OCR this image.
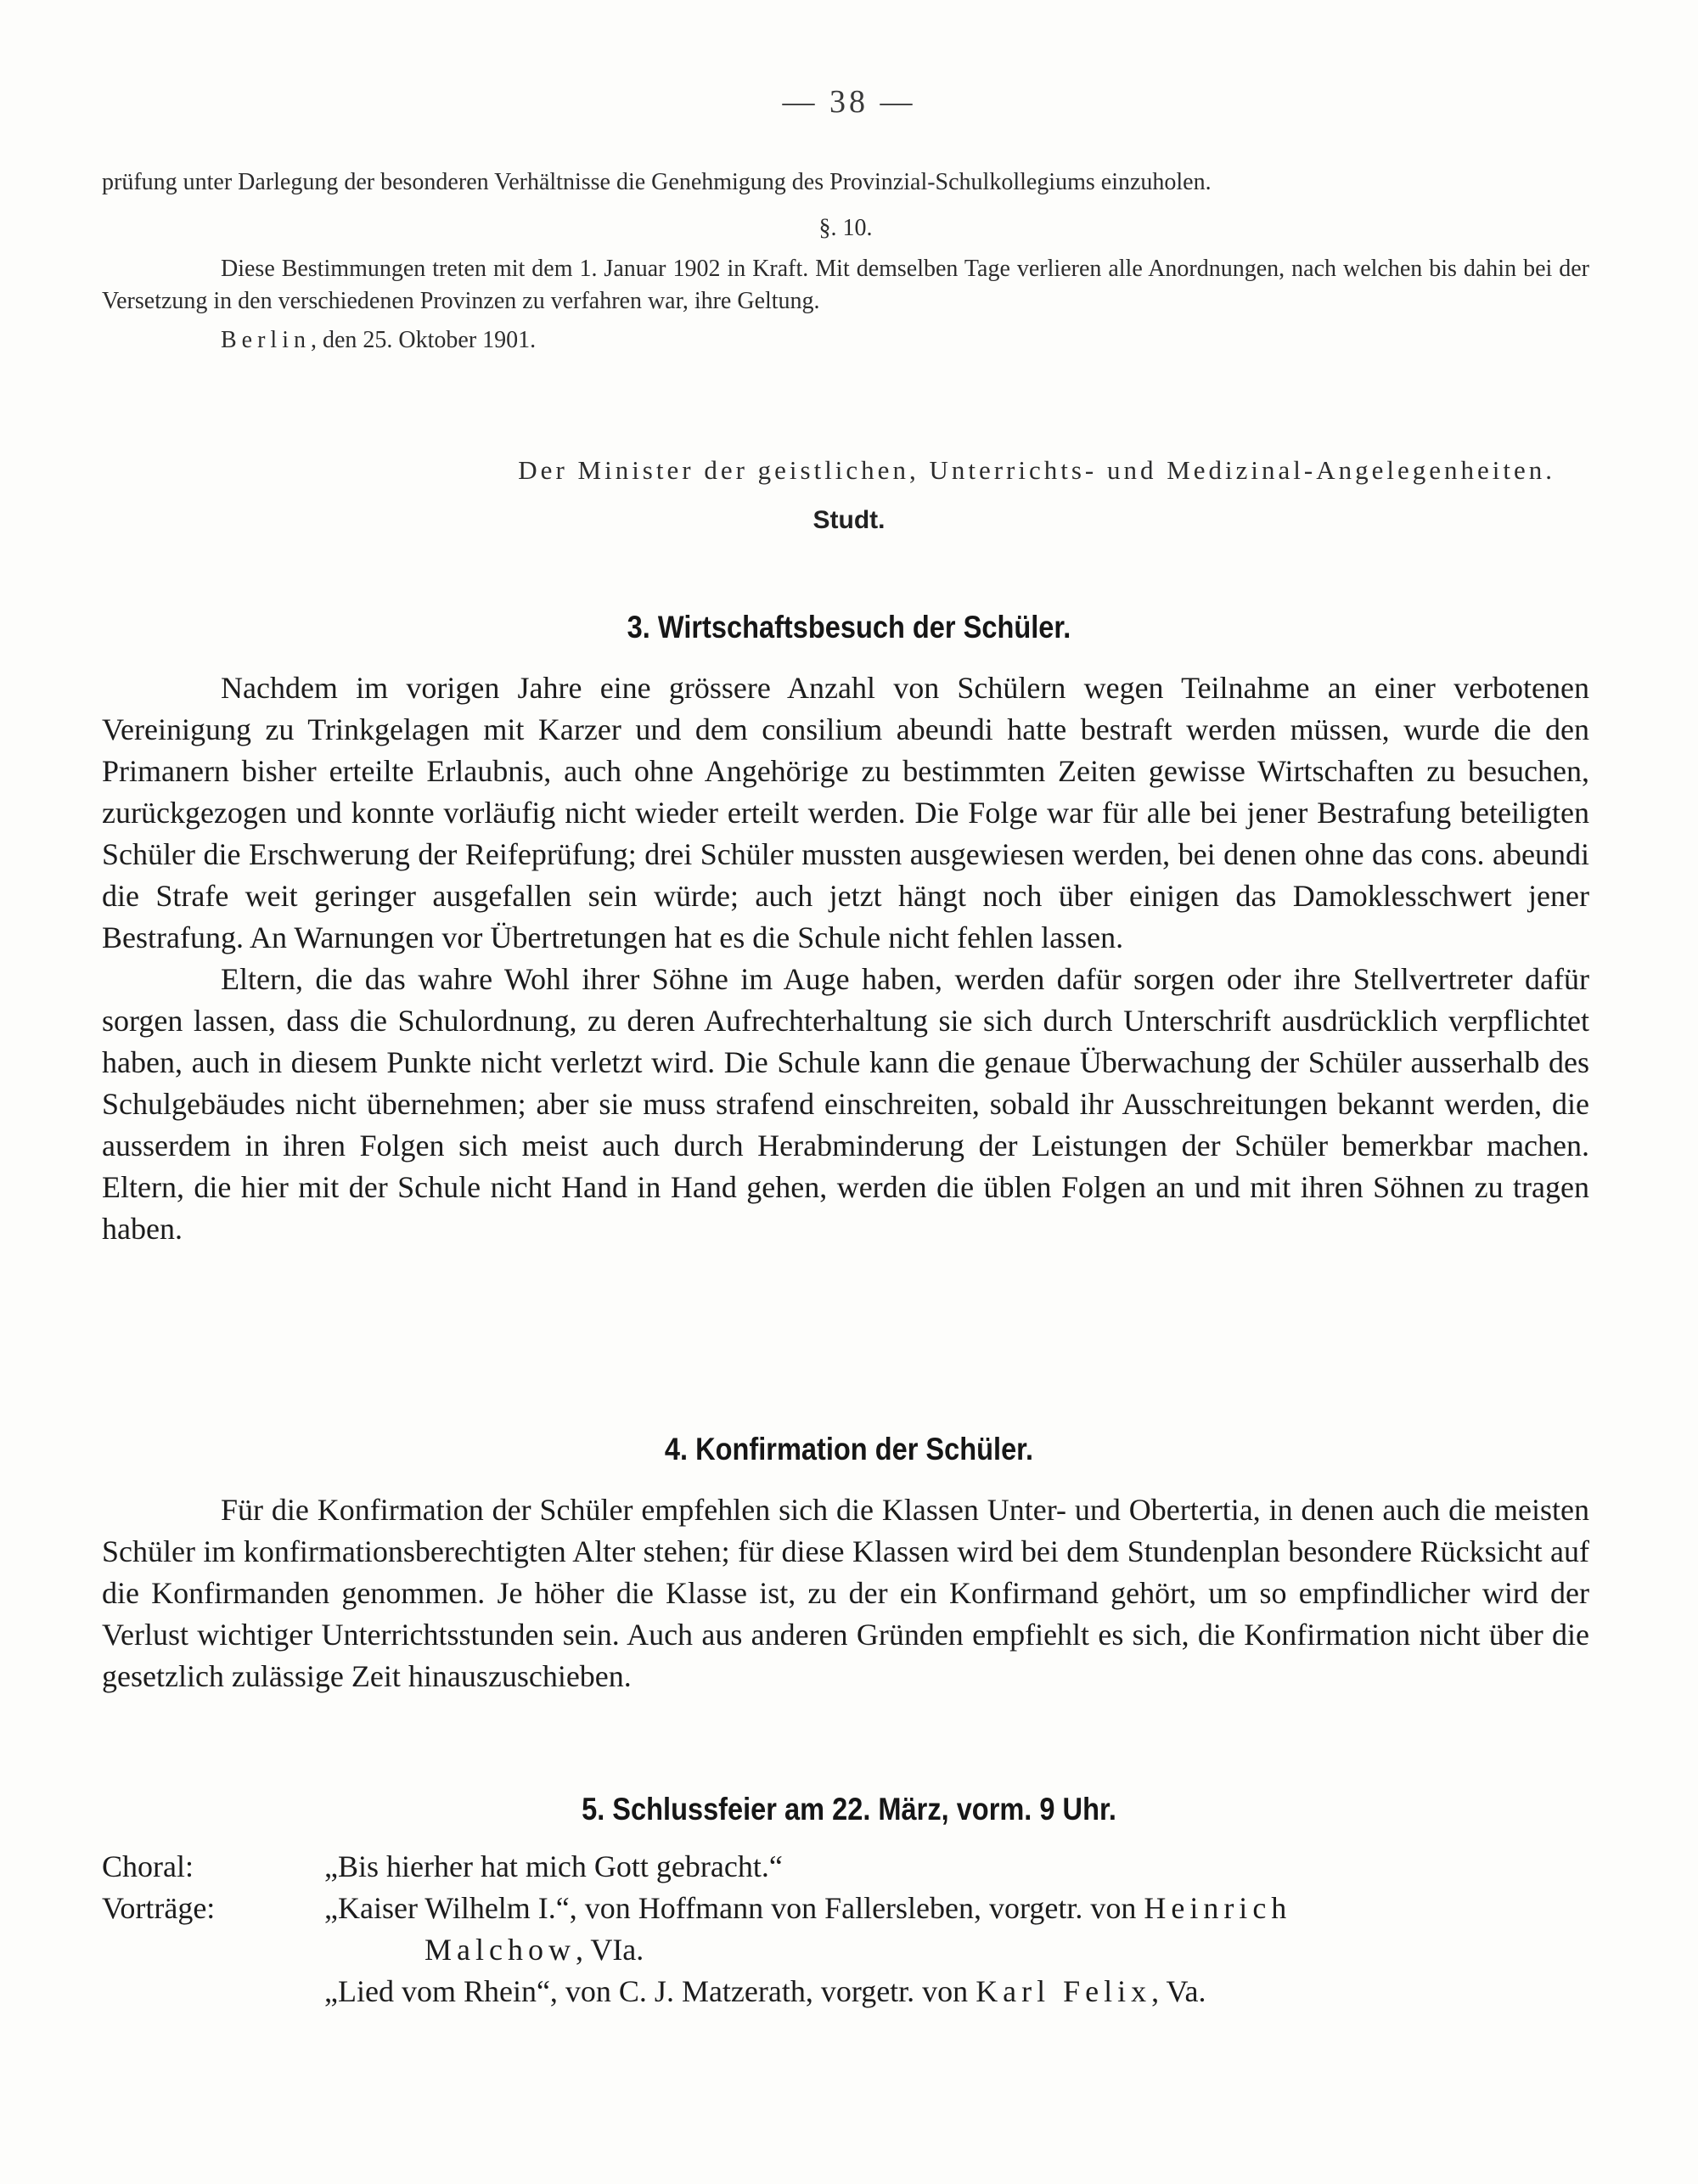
— 38 —

prüfung unter Darlegung der besonderen Verhältnisse die Genehmigung des Provinzial-Schulkollegiums einzuholen.

§. 10.

Diese Bestimmungen treten mit dem 1. Januar 1902 in Kraft. Mit demselben Tage verlieren alle Anordnungen, nach welchen bis dahin bei der Versetzung in den verschiedenen Provinzen zu verfahren war, ihre Geltung.

Berlin, den 25. Oktober 1901.

Der Minister der geistlichen, Unterrichts- und Medizinal-Angelegenheiten.
Studt.
3. Wirtschaftsbesuch der Schüler.

Nachdem im vorigen Jahre eine grössere Anzahl von Schülern wegen Teilnahme an einer verbotenen Vereinigung zu Trinkgelagen mit Karzer und dem consilium abeundi hatte bestraft werden müssen, wurde die den Primanern bisher erteilte Erlaubnis, auch ohne Angehörige zu bestimmten Zeiten gewisse Wirtschaften zu besuchen, zurückgezogen und konnte vorläufig nicht wieder erteilt werden. Die Folge war für alle bei jener Bestrafung beteiligten Schüler die Erschwerung der Reifeprüfung; drei Schüler mussten ausgewiesen werden, bei denen ohne das cons. abeundi die Strafe weit geringer ausgefallen sein würde; auch jetzt hängt noch über einigen das Damoklesschwert jener Bestrafung. An Warnungen vor Übertretungen hat es die Schule nicht fehlen lassen.

Eltern, die das wahre Wohl ihrer Söhne im Auge haben, werden dafür sorgen oder ihre Stellvertreter dafür sorgen lassen, dass die Schulordnung, zu deren Aufrechterhaltung sie sich durch Unterschrift ausdrücklich verpflichtet haben, auch in diesem Punkte nicht verletzt wird. Die Schule kann die genaue Überwachung der Schüler ausserhalb des Schulgebäudes nicht übernehmen; aber sie muss strafend einschreiten, sobald ihr Ausschreitungen bekannt werden, die ausserdem in ihren Folgen sich meist auch durch Herabminderung der Leistungen der Schüler bemerkbar machen. Eltern, die hier mit der Schule nicht Hand in Hand gehen, werden die üblen Folgen an und mit ihren Söhnen zu tragen haben.

4. Konfirmation der Schüler.

Für die Konfirmation der Schüler empfehlen sich die Klassen Unter- und Obertertia, in denen auch die meisten Schüler im konfirmationsberechtigten Alter stehen; für diese Klassen wird bei dem Stundenplan besondere Rücksicht auf die Konfirmanden genommen. Je höher die Klasse ist, zu der ein Konfirmand gehört, um so empfindlicher wird der Verlust wichtiger Unterrichtsstunden sein. Auch aus anderen Gründen empfiehlt es sich, die Konfirmation nicht über die gesetzlich zulässige Zeit hinauszuschieben.

5. Schlussfeier am 22. März, vorm. 9 Uhr.
Choral:	„Bis hierher hat mich Gott gebracht.“
Vorträge:	„Kaiser Wilhelm I.“, von Hoffmann von Fallersleben, vorgetr. von Heinrich
Malchow, VIa.
„Lied vom Rhein“, von C. J. Matzerath, vorgetr. von Karl Felix, Va.
